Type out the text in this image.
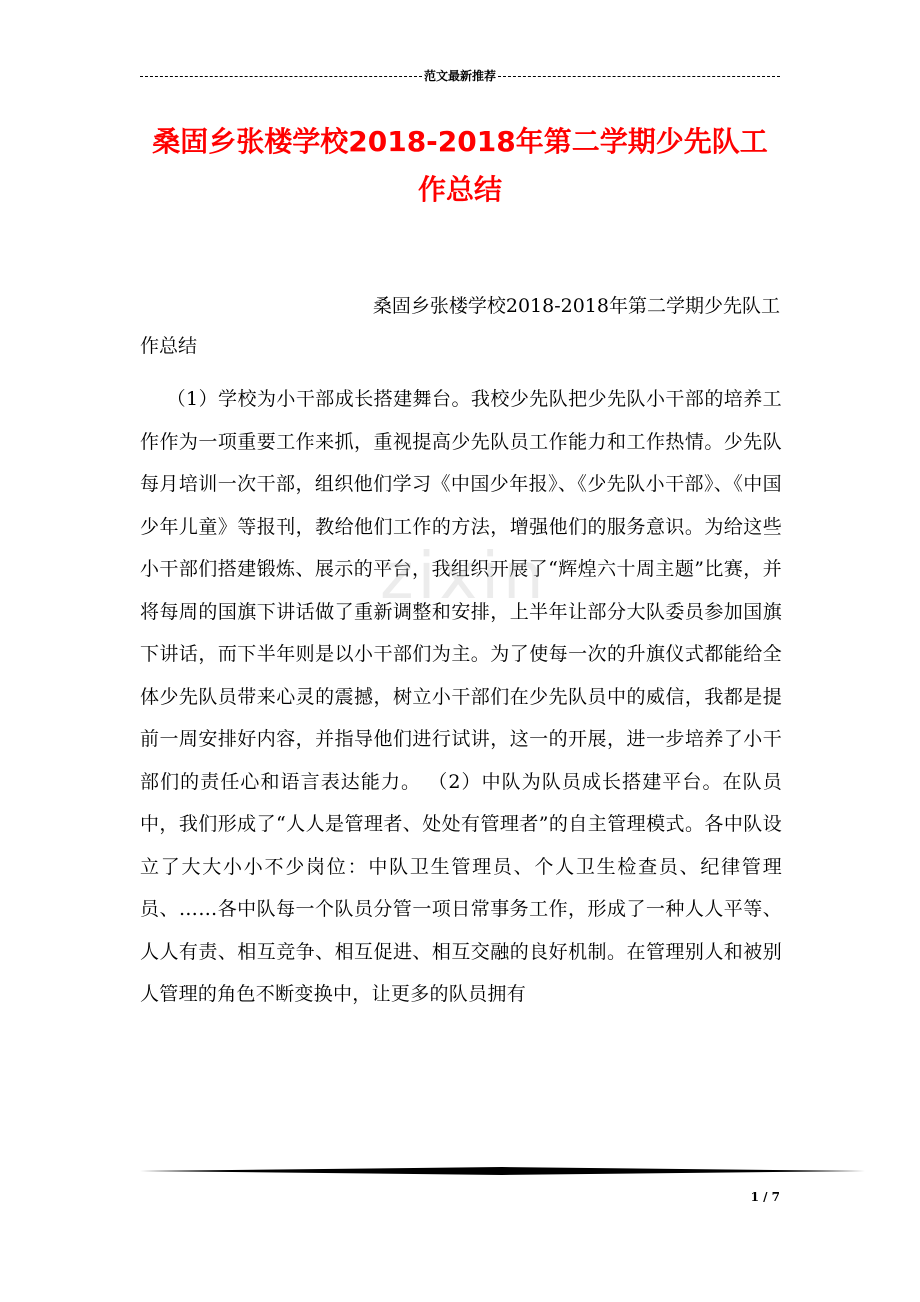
范文最新推荐
桑固乡张楼学校2018-2018年第二学期少先队工作总结
桑固乡张楼学校2018-2018年第二学期少先队工
作总结

（1）学校为小干部成长搭建舞台。我校少先队把少先队小干部的培养工作作为一项重要工作来抓，重视提高少先队员工作能力和工作热情。少先队每月培训一次干部，组织他们学习《中国少年报》、《少先队小干部》、《中国少年儿童》等报刊，教给他们工作的方法，增强他们的服务意识。为给这些小干部们搭建锻炼、展示的平台，我组织开展了“辉煌六十周主题”比赛，并将每周的国旗下讲话做了重新调整和安排，上半年让部分大队委员参加国旗下讲话，而下半年则是以小干部们为主。为了使每一次的升旗仪式都能给全体少先队员带来心灵的震撼，树立小干部们在少先队员中的威信，我都是提前一周安排好内容，并指导他们进行试讲，这一的开展，进一步培养了小干部们的责任心和语言表达能力。 （2）中队为队员成长搭建平台。在队员中，我们形成了“人人是管理者、处处有管理者”的自主管理模式。各中队设立了大大小小不少岗位：中队卫生管理员、个人卫生检查员、纪律管理员、……各中队每一个队员分管一项日常事务工作，形成了一种人人平等、人人有责、相互竞争、相互促进、相互交融的良好机制。在管理别人和被别人管理的角色不断变换中，让更多的队员拥有

zixin
1 / 7
